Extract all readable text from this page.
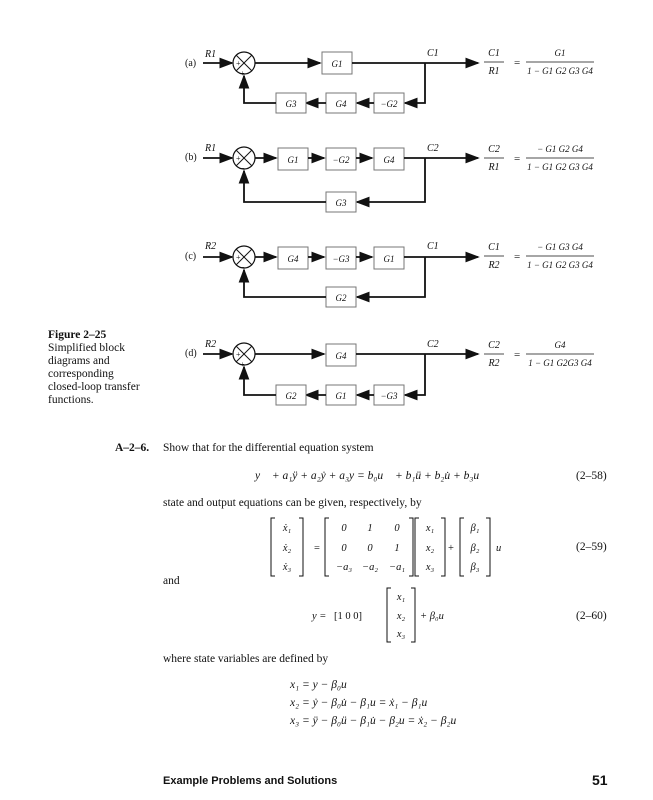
(a)
R1
+
+
G1
C1
−G2
G4
G3
C1
R1
=
G1
1 − G1 G2 G3 G4
(b)
R1
+
−
G1	−G2	G4
C2
G3
C2
R1
=
− G1 G2 G4
1 − G1 G2 G3 G4
(c)
R2
+
−
G4	−G3	G1
C1
G2
C1
R2
=
− G1 G3 G4
1 − G1 G2 G3 G4
(d)
R2
+
+
G4
C2
−G3
G1
G2
C2
R2
=
G4
1 − G1 G2G3 G4
Figure 2–25
Simplified block diagrams and corresponding closed-loop transfer functions.
A–2–6. Show that for the differential equation system
y⃛ + a₁ÿ + a₂ẏ + a₃y = b₀u⃛ + b₁ü + b₂u̇ + b₃u	(2–58)
state and output equations can be given, respectively, by
ẋ₁
ẋ₂
ẋ₃
=
0 1 0
0 0 1
−a₃ −a₂ −a₁
x₁
x₂
x₃
+
β₁
β₂
β₃
u	(2–59)
and
y = [1 0 0]
x₁
x₂
x₃
+ β₀u	(2–60)
where state variables are defined by
x₁ = y − β₀u
x₂ = ẏ − β₀u̇ − β₁u = ẋ₁ − β₁u
x₃ = ÿ − β₀ü − β₁u̇ − β₂u = ẋ₂ − β₂u
Example Problems and Solutions	51
